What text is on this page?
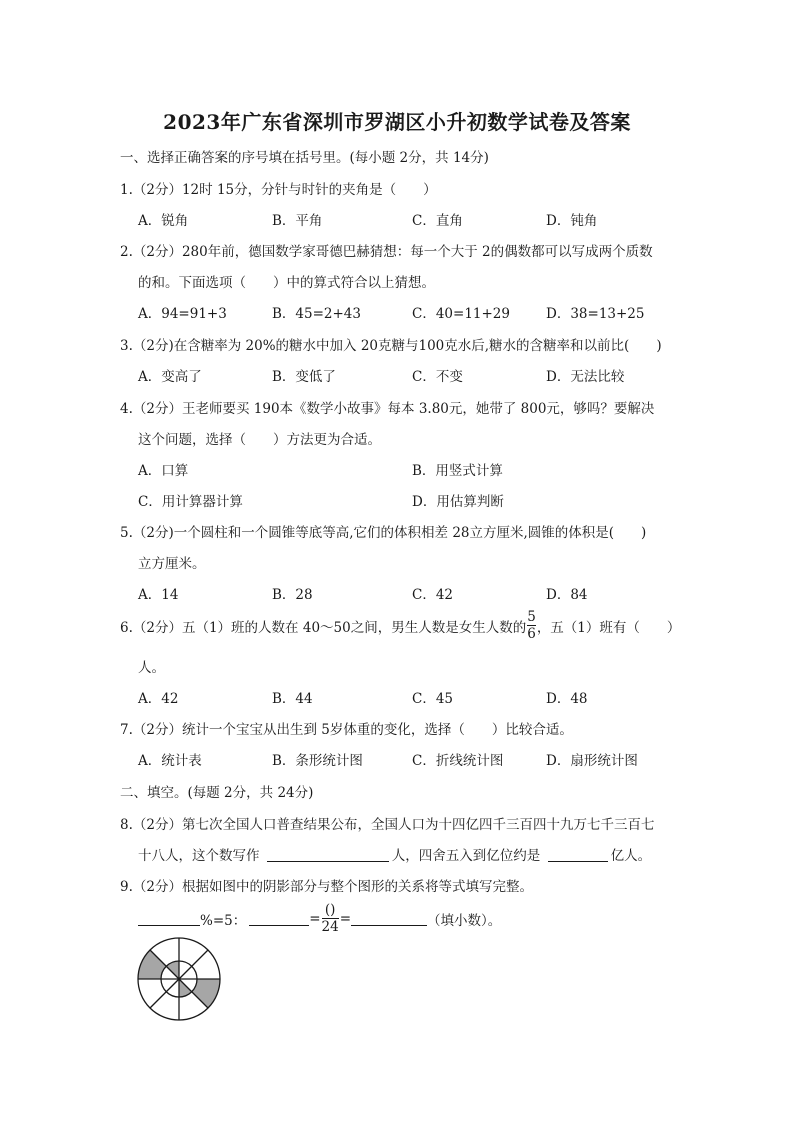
2023年广东省深圳市罗湖区小升初数学试卷及答案
一、选择正确答案的序号填在括号里。(每小题 2分，共 14分)
1.（2分）12时 15分，分针与时针的夹角是（　　）
A．锐角	B．平角	C．直角	D．钝角
2.（2分）280年前，德国数学家哥德巴赫猜想：每一个大于 2的偶数都可以写成两个质数
的和。下面选项（　　）中的算式符合以上猜想。
A．94=91+3	B．45=2+43	C．40=11+29	D．38=13+25
3.（2分)在含糖率为 20%的糖水中加入 20克糖与100克水后,糖水的含糖率和以前比(　　)
A．变高了	B．变低了	C．不变	D．无法比较
4.（2分）王老师要买 190本《数学小故事》每本 3.80元，她带了 800元，够吗？要解决
这个问题，选择（　　）方法更为合适。
A．口算	B．用竖式计算
C．用计算器计算	D．用估算判断
5.（2分)一个圆柱和一个圆锥等底等高,它们的体积相差 28立方厘米,圆锥的体积是(　　)
立方厘米。
A．14	B．28	C．42	D．84
6.（2分）五（1）班的人数在 40～50之间，男生人数是女生人数的 $\frac{5}{6}$ ，五（1）班有（　　）
人。
A．42	B．44	C．45	D．48
7.（2分）统计一个宝宝从出生到 5岁体重的变化，选择（　　）比较合适。
A．统计表	B．条形统计图	C．折线统计图	D．扇形统计图
二、填空。(每题 2分，共 24分)
8.（2分）第七次全国人口普查结果公布，全国人口为十四亿四千三百四十九万七千三百七
十八人，这个数写作	人，四舍五入到亿位约是	亿人。
9.（2分）根据如图中的阴影部分与整个图形的关系将等式填写完整。
%=5：	= $\frac{()}{24}$ =	（填小数）。
